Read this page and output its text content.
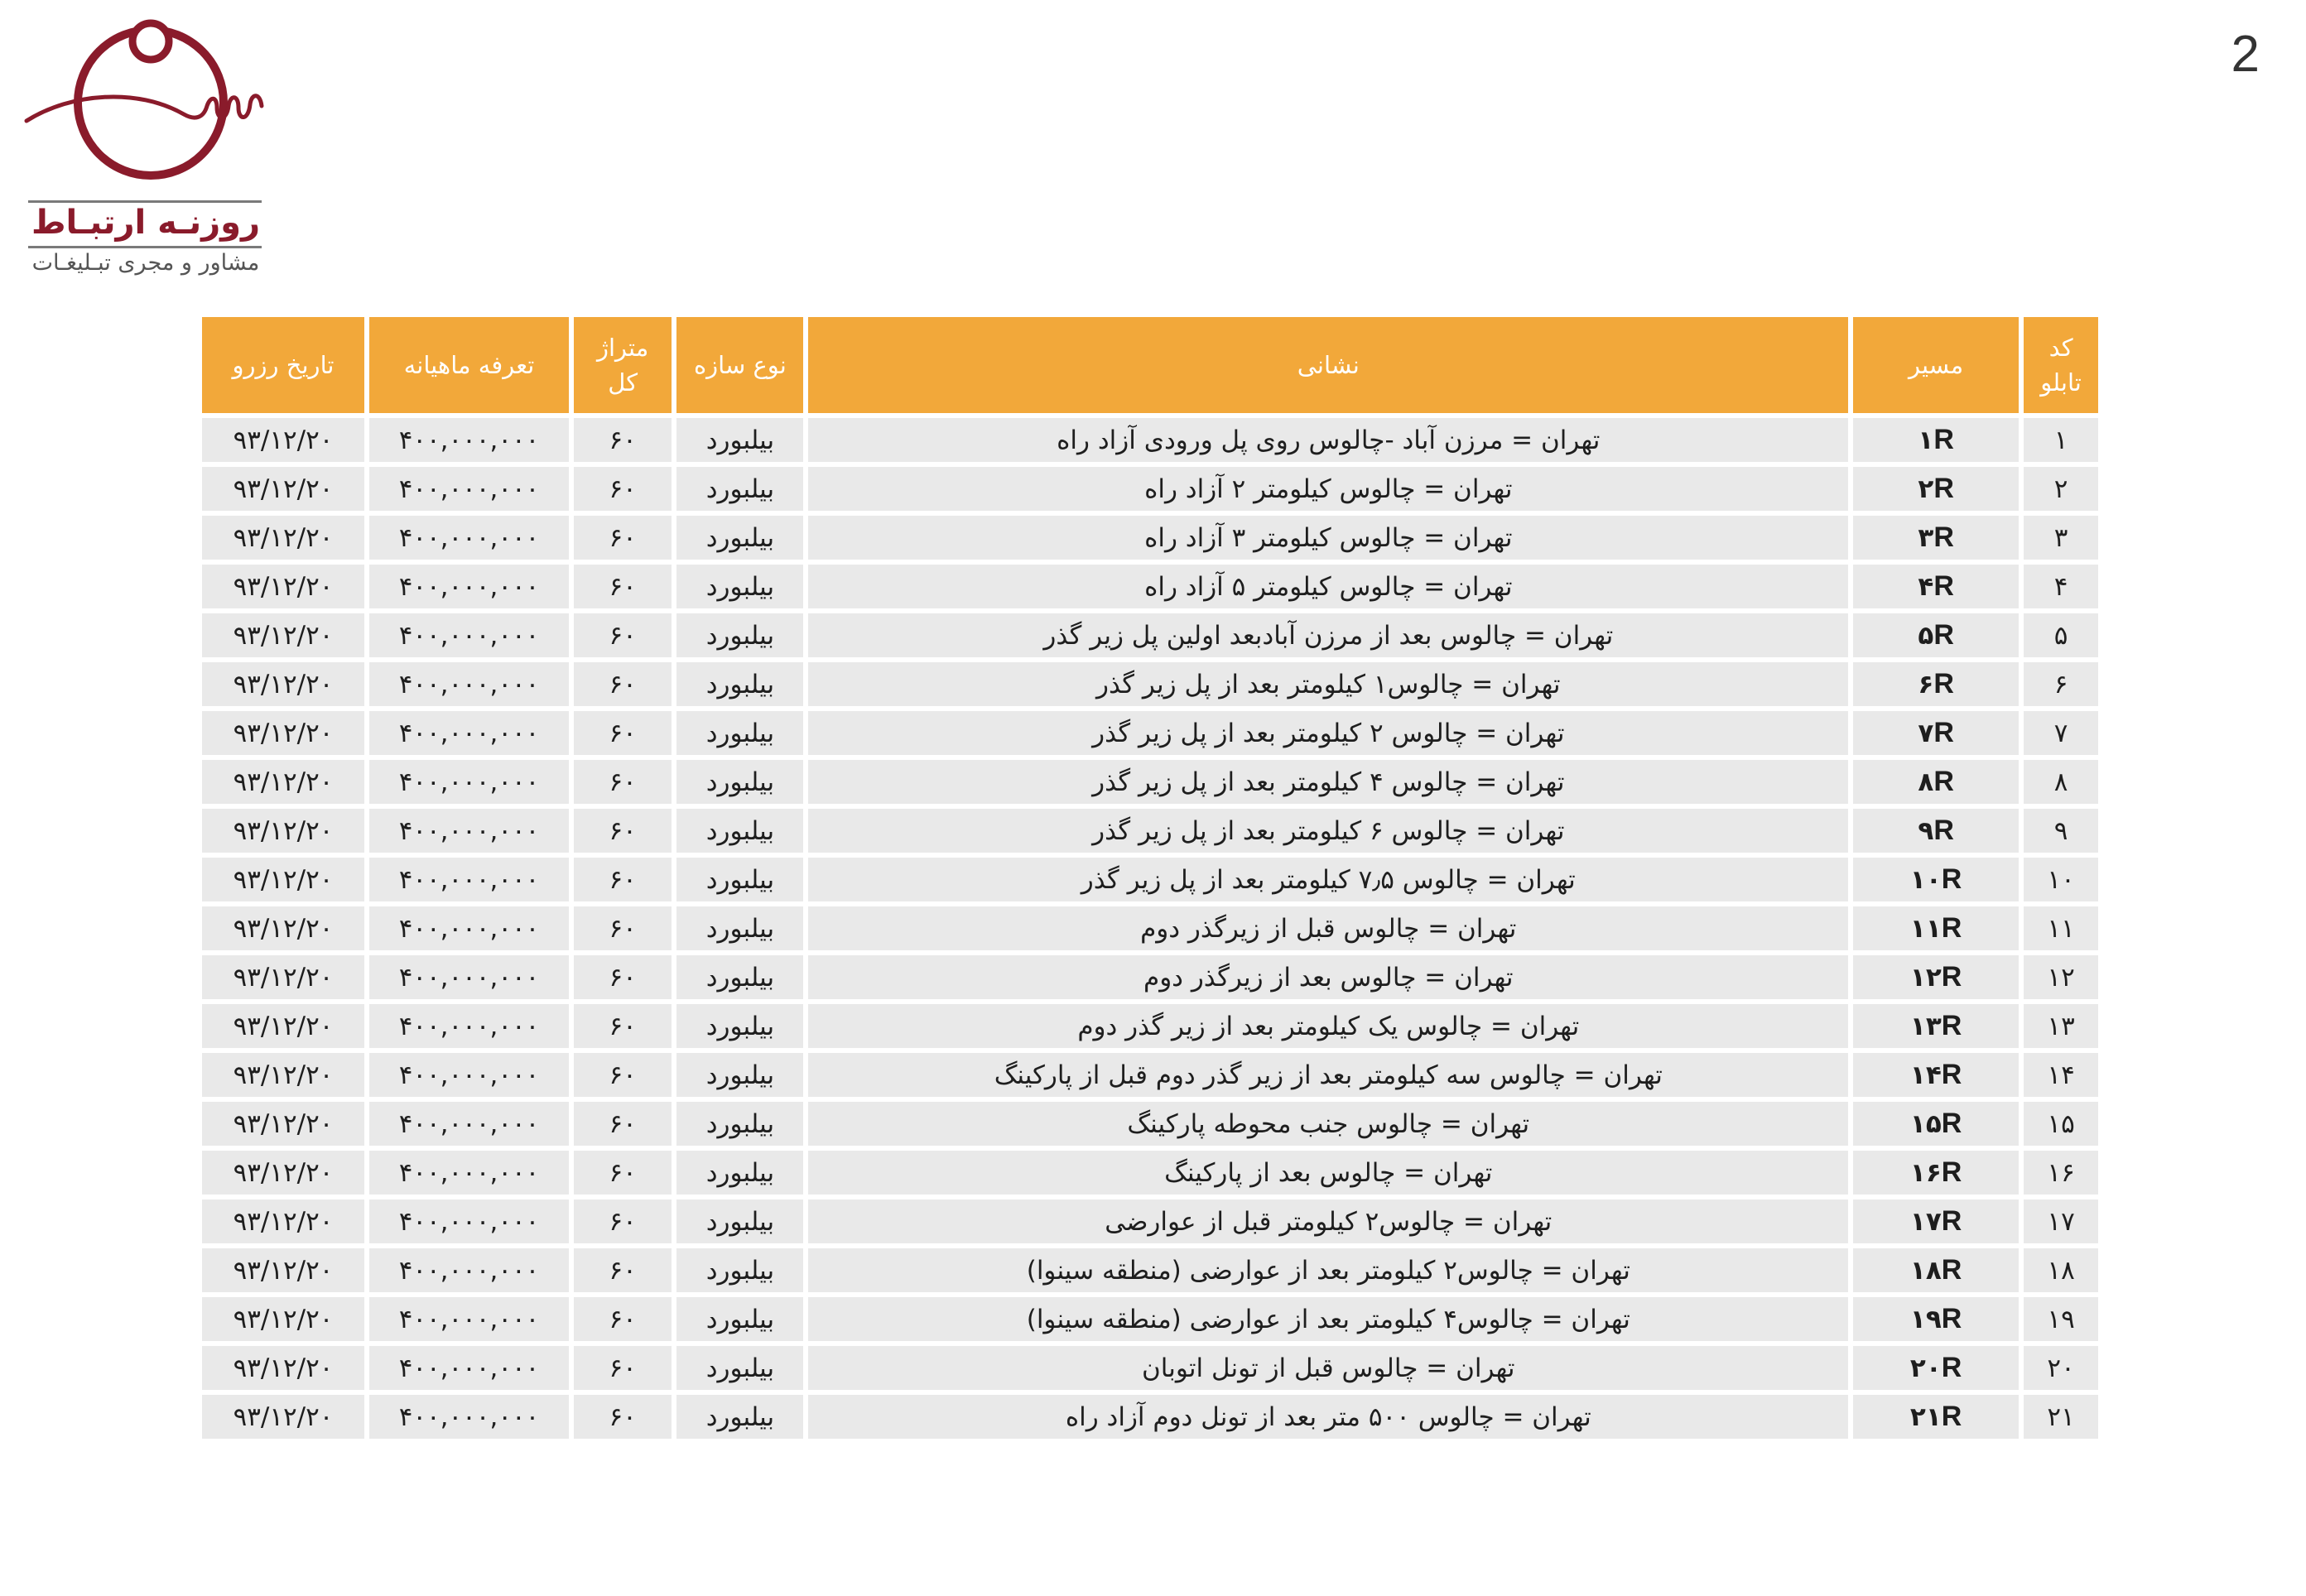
2
روزنـه ارتبـاط
مشاور و مجری تبـلیغـات
کد تابلو	مسیر	نشانی	نوع سازه	متراژ کل	تعرفه ماهیانه	تاریخ رزرو
۱	۱R	تهران = مرزن آباد -چالوس روی پل ورودی آزاد راه	بیلبورد	۶۰	۴۰۰,۰۰۰,۰۰۰	۹۳/۱۲/۲۰
۲	۲R	تهران = چالوس کیلومتر ۲ آزاد راه	بیلبورد	۶۰	۴۰۰,۰۰۰,۰۰۰	۹۳/۱۲/۲۰
۳	۳R	تهران = چالوس کیلومتر ۳ آزاد راه	بیلبورد	۶۰	۴۰۰,۰۰۰,۰۰۰	۹۳/۱۲/۲۰
۴	۴R	تهران = چالوس کیلومتر ۵ آزاد راه	بیلبورد	۶۰	۴۰۰,۰۰۰,۰۰۰	۹۳/۱۲/۲۰
۵	۵R	تهران = چالوس بعد از مرزن آبادبعد اولین پل زیر گذر	بیلبورد	۶۰	۴۰۰,۰۰۰,۰۰۰	۹۳/۱۲/۲۰
۶	۶R	تهران = چالوس۱ کیلومتر بعد از پل زیر گذر	بیلبورد	۶۰	۴۰۰,۰۰۰,۰۰۰	۹۳/۱۲/۲۰
۷	۷R	تهران = چالوس ۲ کیلومتر بعد از پل زیر گذر	بیلبورد	۶۰	۴۰۰,۰۰۰,۰۰۰	۹۳/۱۲/۲۰
۸	۸R	تهران = چالوس ۴ کیلومتر بعد از پل زیر گذر	بیلبورد	۶۰	۴۰۰,۰۰۰,۰۰۰	۹۳/۱۲/۲۰
۹	۹R	تهران = چالوس ۶ کیلومتر بعد از پل زیر گذر	بیلبورد	۶۰	۴۰۰,۰۰۰,۰۰۰	۹۳/۱۲/۲۰
۱۰	۱۰R	تهران = چالوس ۷٫۵ کیلومتر بعد از پل زیر گذر	بیلبورد	۶۰	۴۰۰,۰۰۰,۰۰۰	۹۳/۱۲/۲۰
۱۱	۱۱R	تهران = چالوس قبل از زیرگذر دوم	بیلبورد	۶۰	۴۰۰,۰۰۰,۰۰۰	۹۳/۱۲/۲۰
۱۲	۱۲R	تهران = چالوس بعد از زیرگذر دوم	بیلبورد	۶۰	۴۰۰,۰۰۰,۰۰۰	۹۳/۱۲/۲۰
۱۳	۱۳R	تهران = چالوس یک کیلومتر بعد از زیر گذر دوم	بیلبورد	۶۰	۴۰۰,۰۰۰,۰۰۰	۹۳/۱۲/۲۰
۱۴	۱۴R	تهران = چالوس سه کیلومتر بعد از زیر گذر دوم قبل از پارکینگ	بیلبورد	۶۰	۴۰۰,۰۰۰,۰۰۰	۹۳/۱۲/۲۰
۱۵	۱۵R	تهران = چالوس جنب محوطه پارکینگ	بیلبورد	۶۰	۴۰۰,۰۰۰,۰۰۰	۹۳/۱۲/۲۰
۱۶	۱۶R	تهران = چالوس بعد از پارکینگ	بیلبورد	۶۰	۴۰۰,۰۰۰,۰۰۰	۹۳/۱۲/۲۰
۱۷	۱۷R	تهران = چالوس۲ کیلومتر قبل از عوارضی	بیلبورد	۶۰	۴۰۰,۰۰۰,۰۰۰	۹۳/۱۲/۲۰
۱۸	۱۸R	تهران = چالوس۲ کیلومتر بعد از عوارضی (منطقه سینوا)	بیلبورد	۶۰	۴۰۰,۰۰۰,۰۰۰	۹۳/۱۲/۲۰
۱۹	۱۹R	تهران = چالوس۴ کیلومتر بعد از عوارضی (منطقه سینوا)	بیلبورد	۶۰	۴۰۰,۰۰۰,۰۰۰	۹۳/۱۲/۲۰
۲۰	۲۰R	تهران = چالوس قبل از تونل اتوبان	بیلبورد	۶۰	۴۰۰,۰۰۰,۰۰۰	۹۳/۱۲/۲۰
۲۱	۲۱R	تهران = چالوس ۵۰۰ متر بعد از تونل دوم آزاد راه	بیلبورد	۶۰	۴۰۰,۰۰۰,۰۰۰	۹۳/۱۲/۲۰
